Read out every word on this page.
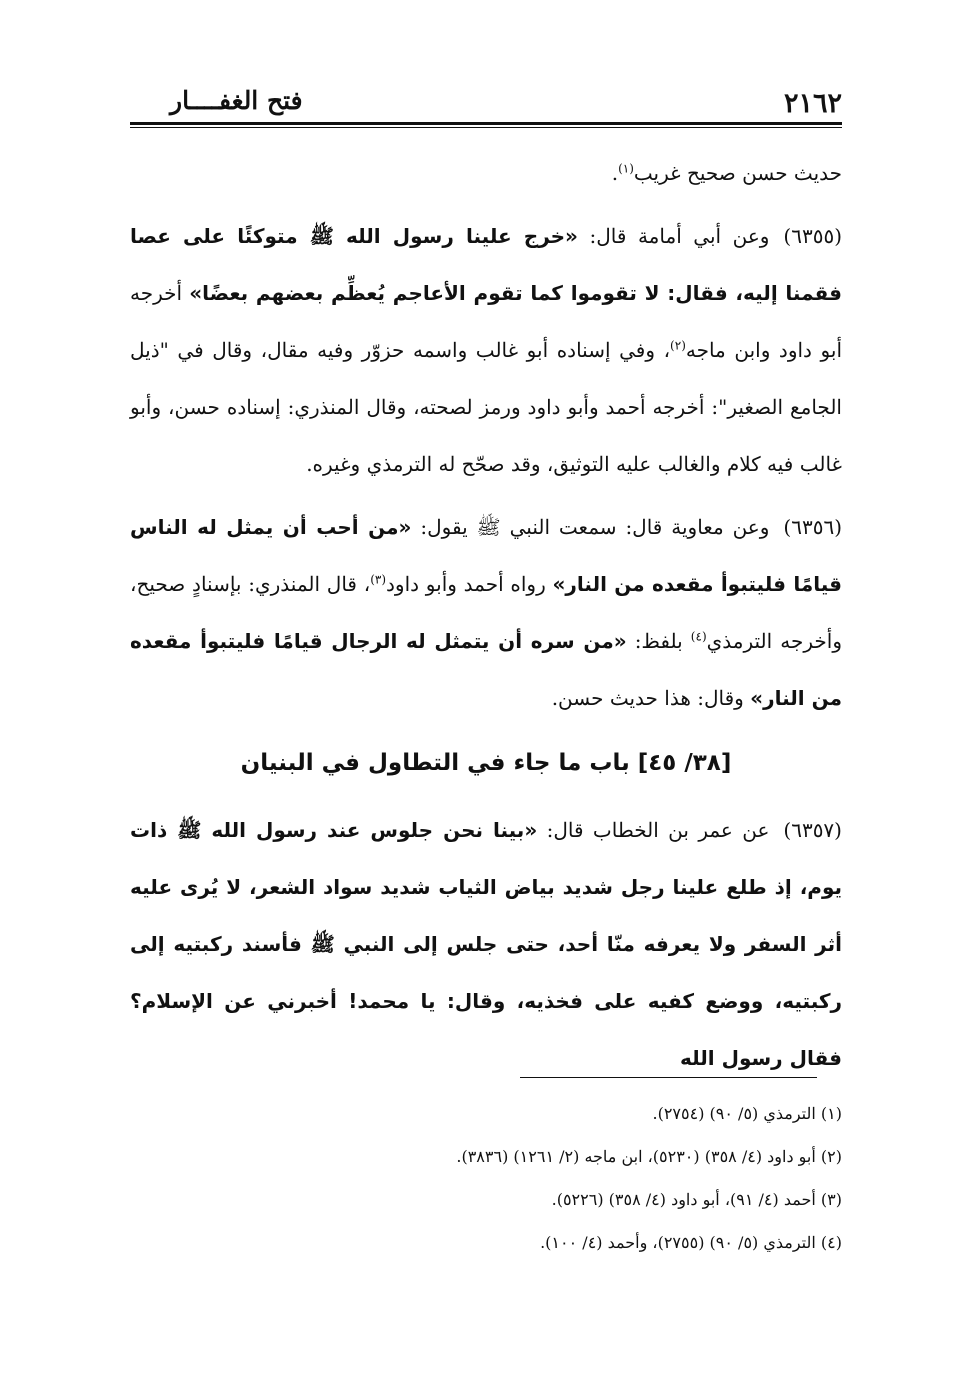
٢١٦٢
فتح الغفــــار

حديث حسن صحيح غريب$^{(١)}$.

(٦٣٥٥)وعن أبي أمامة قال: «خرج علينا رسول الله ﷺ متوكئًا على عصا فقمنا إليه، فقال: لا تقوموا كما تقوم الأعاجم يُعظِّم بعضهم بعضًا» أخرجه أبو داود وابن ماجه$^{(٢)}$، وفي إسناده أبو غالب واسمه حزوّر وفيه مقال، وقال في "ذيل الجامع الصغير": أخرجه أحمد وأبو داود ورمز لصحته، وقال المنذري: إسناده حسن، وأبو غالب فيه كلام والغالب عليه التوثيق، وقد صحّح له الترمذي وغيره.

(٦٣٥٦)وعن معاوية قال: سمعت النبي ﷺ يقول: «من أحب أن يمثل له الناس قيامًا فليتبوأ مقعده من النار» رواه أحمد وأبو داود$^{(٣)}$، قال المنذري: بإسنادٍ صحيح، وأخرجه الترمذي$^{(٤)}$ بلفظ: «من سره أن يتمثل له الرجال قيامًا فليتبوأ مقعده من النار» وقال: هذا حديث حسن.

[٣٨/ ٤٥] باب ما جاء في التطاول في البنيان

(٦٣٥٧)عن عمر بن الخطاب قال: «بينا نحن جلوس عند رسول الله ﷺ ذات يوم، إذ طلع علينا رجل شديد بياض الثياب شديد سواد الشعر، لا يُرى عليه أثر السفر ولا يعرفه منّا أحد، حتى جلس إلى النبي ﷺ فأسند ركبتيه إلى ركبتيه، ووضع كفيه على فخذيه، وقال: يا محمد! أخبرني عن الإسلام؟ فقال رسول الله

(١) الترمذي (٥/ ٩٠) (٢٧٥٤).

(٢) أبو داود (٤/ ٣٥٨) (٥٢٣٠)، ابن ماجه (٢/ ١٢٦١) (٣٨٣٦).

(٣) أحمد (٤/ ٩١)، أبو داود (٤/ ٣٥٨) (٥٢٢٦).

(٤) الترمذي (٥/ ٩٠) (٢٧٥٥)، وأحمد (٤/ ١٠٠).
